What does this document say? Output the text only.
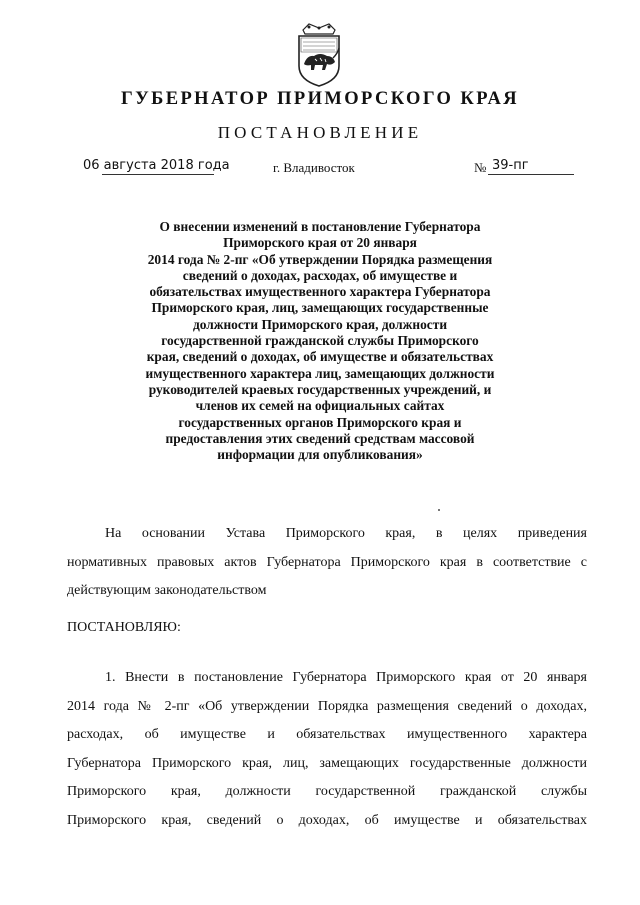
ГУБЕРНАТОР ПРИМОРСКОГО КРАЯ
ПОСТАНОВЛЕНИЕ
06 августа 2018 года	г. Владивосток	№ 39-пг
О внесении изменений в постановление Губернатора
Приморского края от 20 января
2014 года № 2-пг «Об утверждении Порядка размещения
сведений о доходах, расходах, об имуществе и
обязательствах имущественного характера Губернатора
Приморского края, лиц, замещающих государственные
должности Приморского края, должности
государственной гражданской службы Приморского
края, сведений о доходах, об имуществе и обязательствах
имущественного характера лиц, замещающих должности
руководителей краевых государственных учреждений, и
членов их семей на официальных сайтах
государственных органов Приморского края и
предоставления этих сведений средствам массовой
информации для опубликования»
На основании Устава Приморского края, в целях приведения
нормативных правовых актов Губернатора Приморского края в соответствие с
действующим законодательством
ПОСТАНОВЛЯЮ:
1. Внести в постановление Губернатора Приморского края от 20 января
2014 года № 2-пг «Об утверждении Порядка размещения сведений о доходах,
расходах, об имуществе и обязательствах имущественного характера
Губернатора Приморского края, лиц, замещающих государственные должности
Приморского края, должности государственной гражданской службы
Приморского края, сведений о доходах, об имуществе и обязательствах
